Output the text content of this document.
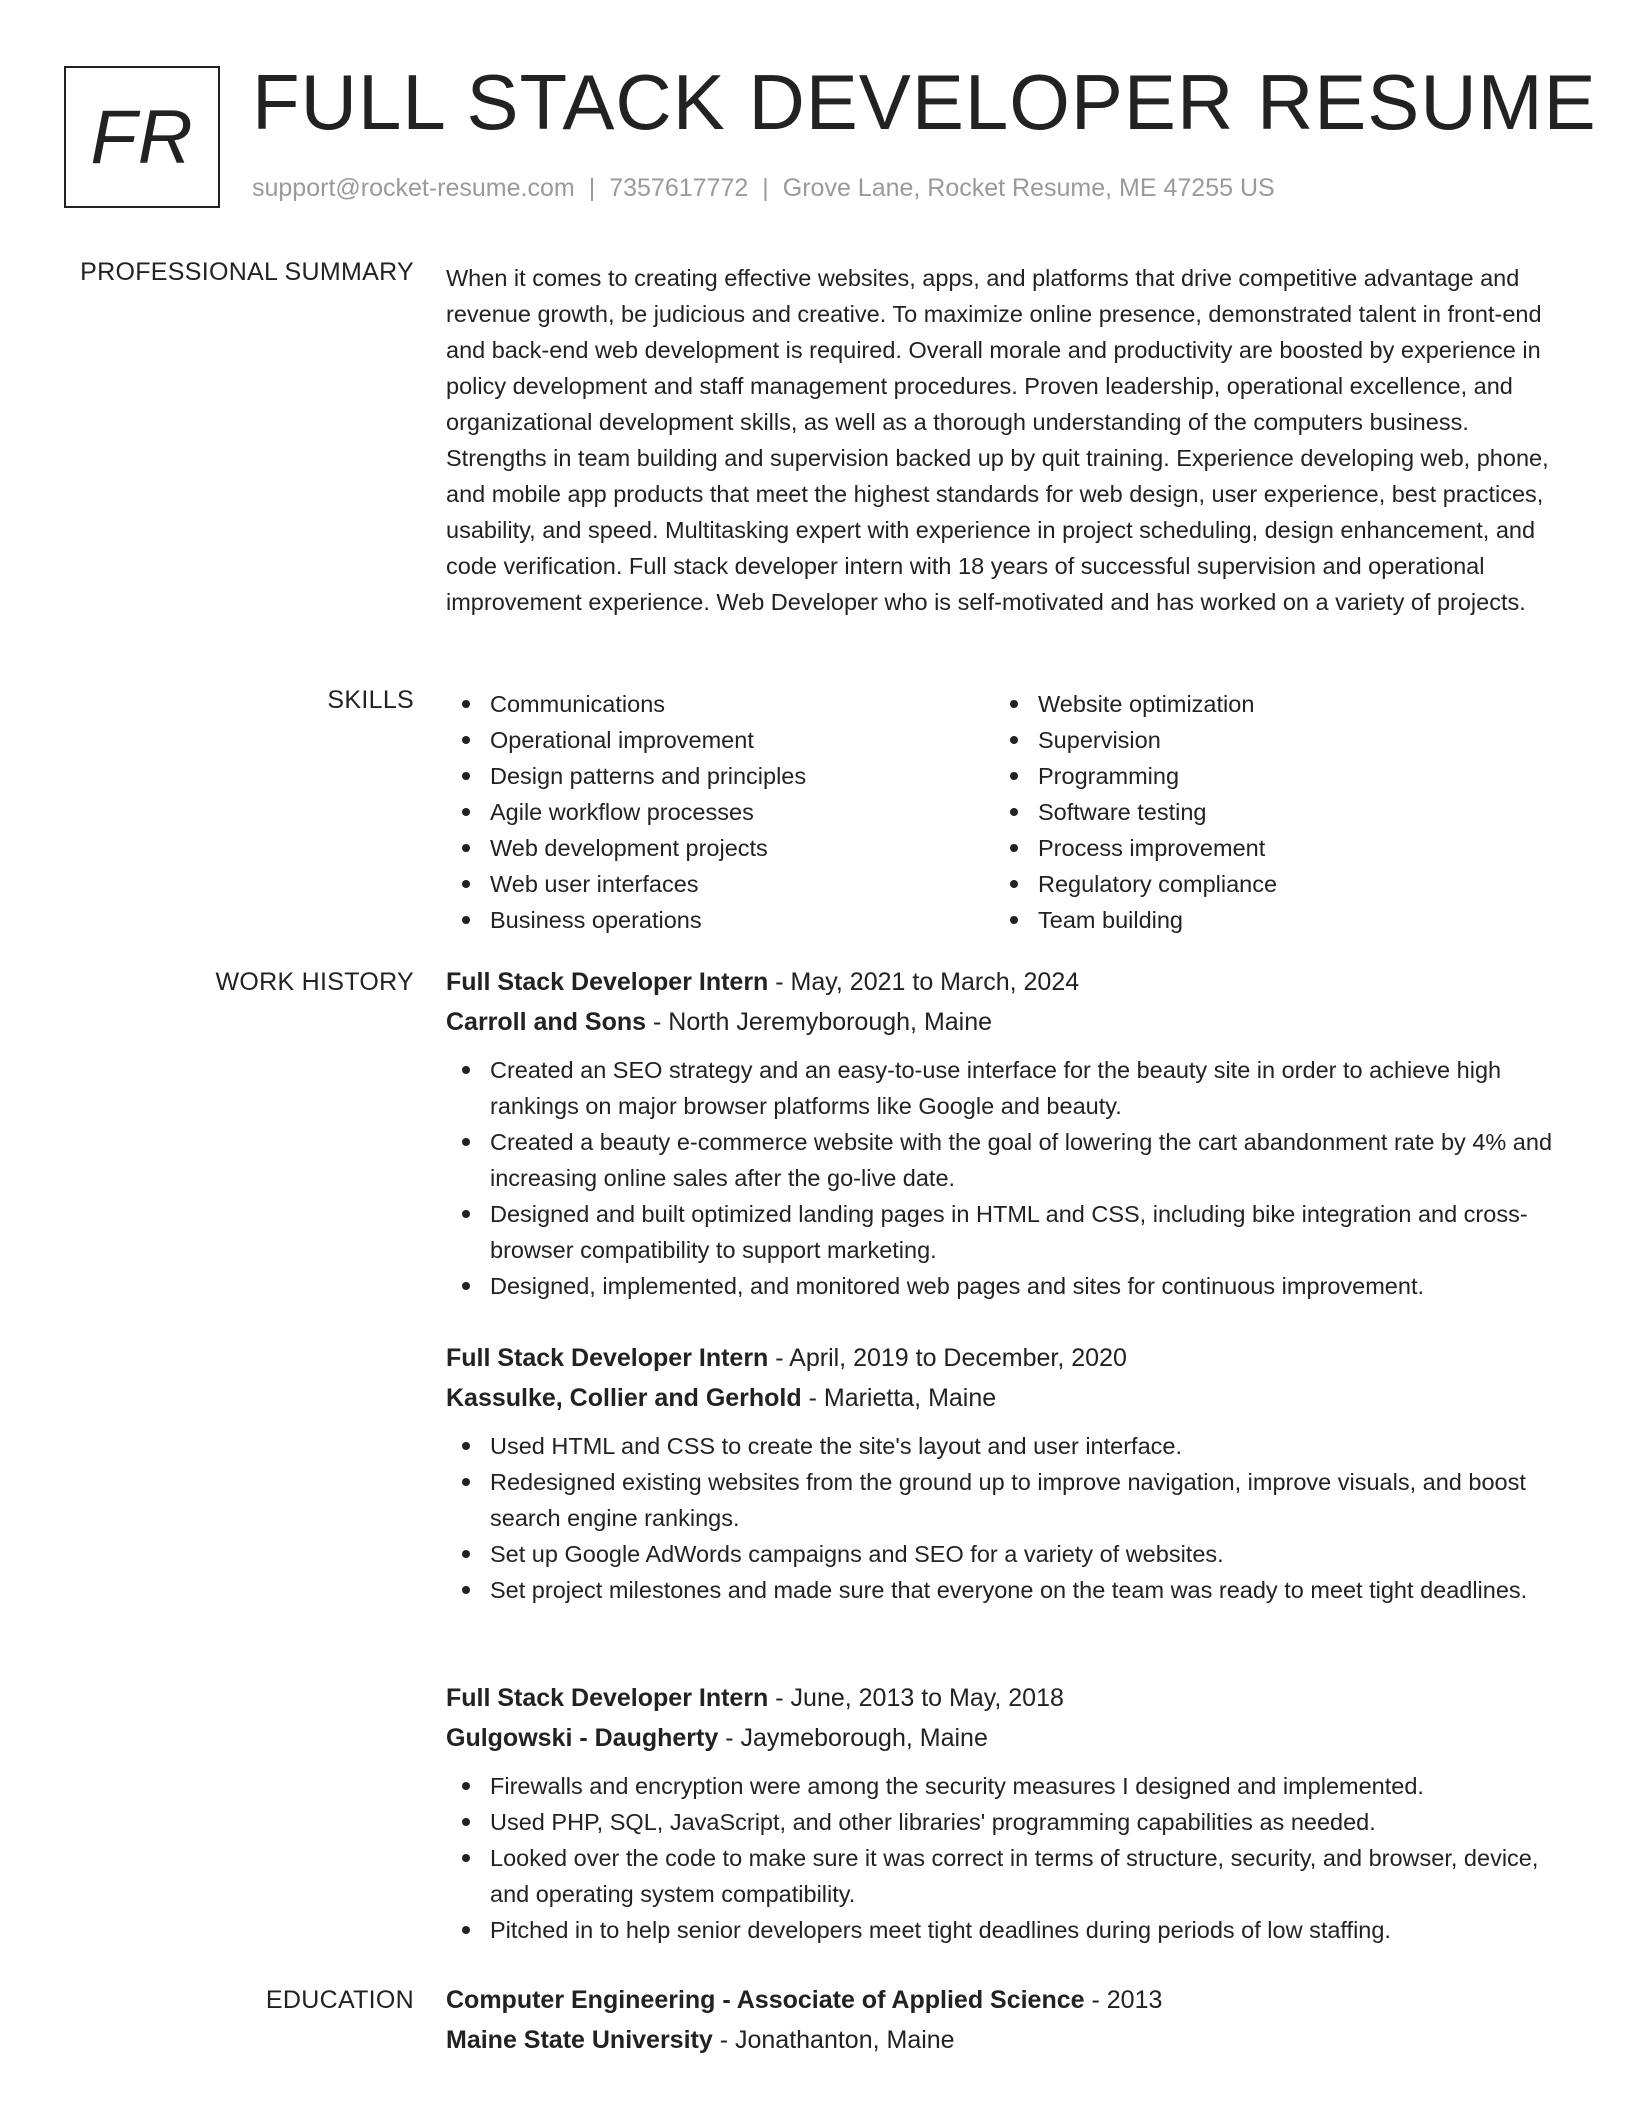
FR FULL STACK DEVELOPER RESUME
support@rocket-resume.com | 7357617772 | Grove Lane, Rocket Resume, ME 47255 US
PROFESSIONAL SUMMARY When it comes to creating effective websites, apps, and platforms that drive competitive advantage and revenue growth, be judicious and creative. To maximize online presence, demonstrated talent in front-end and back-end web development is required. Overall morale and productivity are boosted by experience in policy development and staff management procedures. Proven leadership, operational excellence, and organizational development skills, as well as a thorough understanding of the computers business. Strengths in team building and supervision backed up by quit training. Experience developing web, phone, and mobile app products that meet the highest standards for web design, user experience, best practices, usability, and speed. Multitasking expert with experience in project scheduling, design enhancement, and code verification. Full stack developer intern with 18 years of successful supervision and operational improvement experience. Web Developer who is self-motivated and has worked on a variety of projects.

SKILLS	Communications
Operational improvement
Design patterns and principles
Agile workflow processes
Web development projects
Web user interfaces
Business operations
Website optimization
Supervision
Programming
Software testing
Process improvement
Regulatory compliance
Team building
WORK HISTORY Full Stack Developer Intern - May, 2021 to March, 2024
Carroll and Sons - North Jeremyborough, Maine
Created an SEO strategy and an easy-to-use interface for the beauty site in order to achieve high rankings on major browser platforms like Google and beauty.
Created a beauty e-commerce website with the goal of lowering the cart abandonment rate by 4% and increasing online sales after the go-live date.
Designed and built optimized landing pages in HTML and CSS, including bike integration and cross-browser compatibility to support marketing.
Designed, implemented, and monitored web pages and sites for continuous improvement.
Full Stack Developer Intern - April, 2019 to December, 2020
Kassulke, Collier and Gerhold - Marietta, Maine
Used HTML and CSS to create the site's layout and user interface.
Redesigned existing websites from the ground up to improve navigation, improve visuals, and boost search engine rankings.
Set up Google AdWords campaigns and SEO for a variety of websites.
Set project milestones and made sure that everyone on the team was ready to meet tight deadlines.
Full Stack Developer Intern - June, 2013 to May, 2018
Gulgowski - Daugherty - Jaymeborough, Maine
Firewalls and encryption were among the security measures I designed and implemented.
Used PHP, SQL, JavaScript, and other libraries' programming capabilities as needed.
Looked over the code to make sure it was correct in terms of structure, security, and browser, device, and operating system compatibility.
Pitched in to help senior developers meet tight deadlines during periods of low staffing.
EDUCATION Computer Engineering - Associate of Applied Science - 2013
Maine State University - Jonathanton, Maine
